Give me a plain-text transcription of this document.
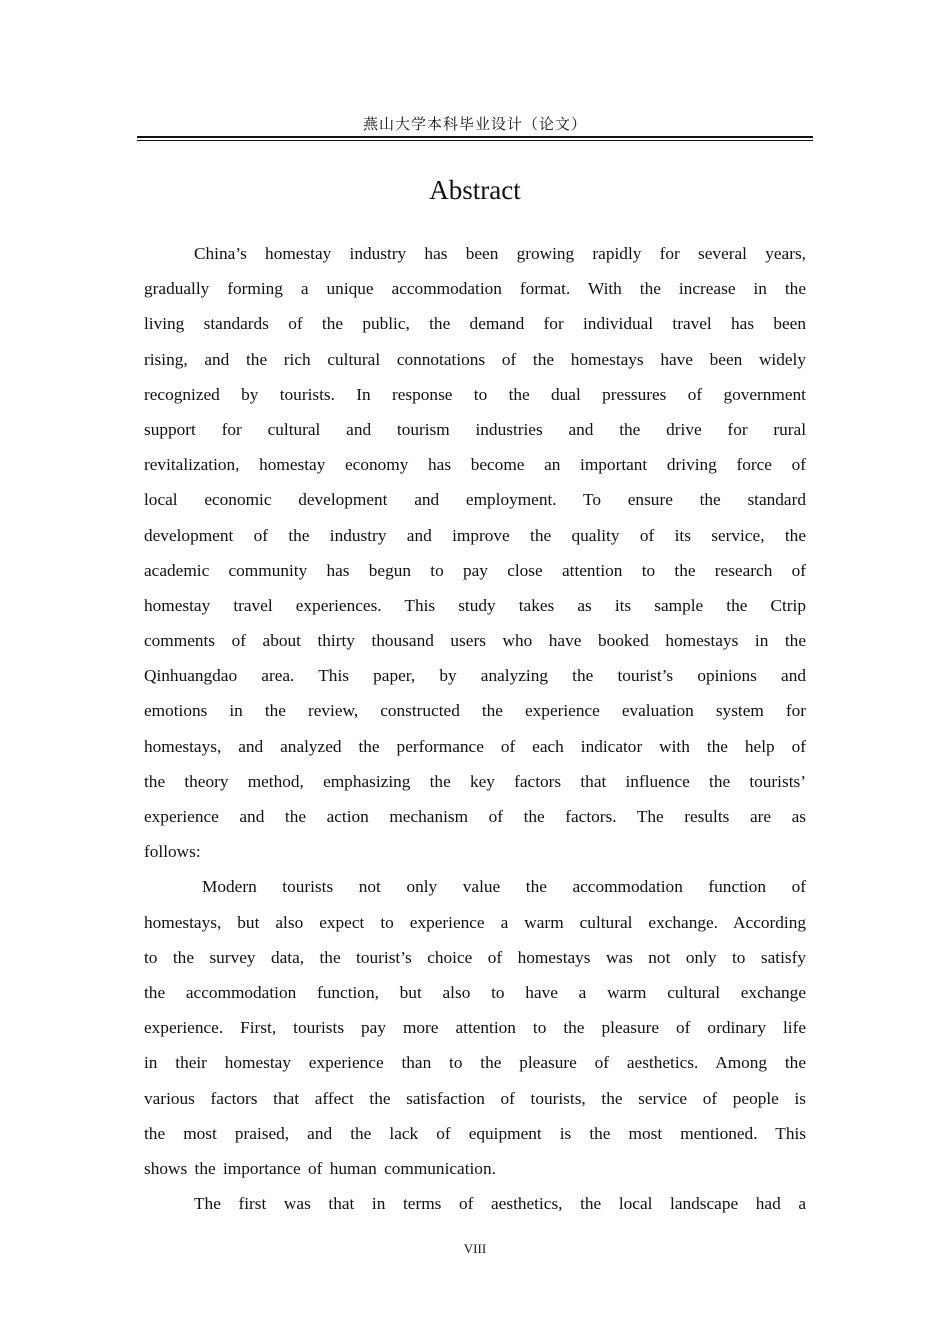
燕山大学本科毕业设计（论文）
Abstract
China’s homestay industry has been growing rapidly for several years,
gradually forming a unique accommodation format. With the increase in the
living standards of the public, the demand for individual travel has been
rising, and the rich cultural connotations of the homestays have been widely
recognized by tourists. In response to the dual pressures of government
support for cultural and tourism industries and the drive for rural
revitalization, homestay economy has become an important driving force of
local economic development and employment. To ensure the standard
development of the industry and improve the quality of its service, the
academic community has begun to pay close attention to the research of
homestay travel experiences. This study takes as its sample the Ctrip
comments of about thirty thousand users who have booked homestays in the
Qinhuangdao area. This paper, by analyzing the tourist’s opinions and
emotions in the review, constructed the experience evaluation system for
homestays, and analyzed the performance of each indicator with the help of
the theory method, emphasizing the key factors that influence the tourists’
experience and the action mechanism of the factors. The results are as
follows:
Modern tourists not only value the accommodation function of
homestays, but also expect to experience a warm cultural exchange. According
to the survey data, the tourist’s choice of homestays was not only to satisfy
the accommodation function, but also to have a warm cultural exchange
experience. First, tourists pay more attention to the pleasure of ordinary life
in their homestay experience than to the pleasure of aesthetics. Among the
various factors that affect the satisfaction of tourists, the service of people is
the most praised, and the lack of equipment is the most mentioned. This
shows the importance of human communication.
The first was that in terms of aesthetics, the local landscape had a
VIII
